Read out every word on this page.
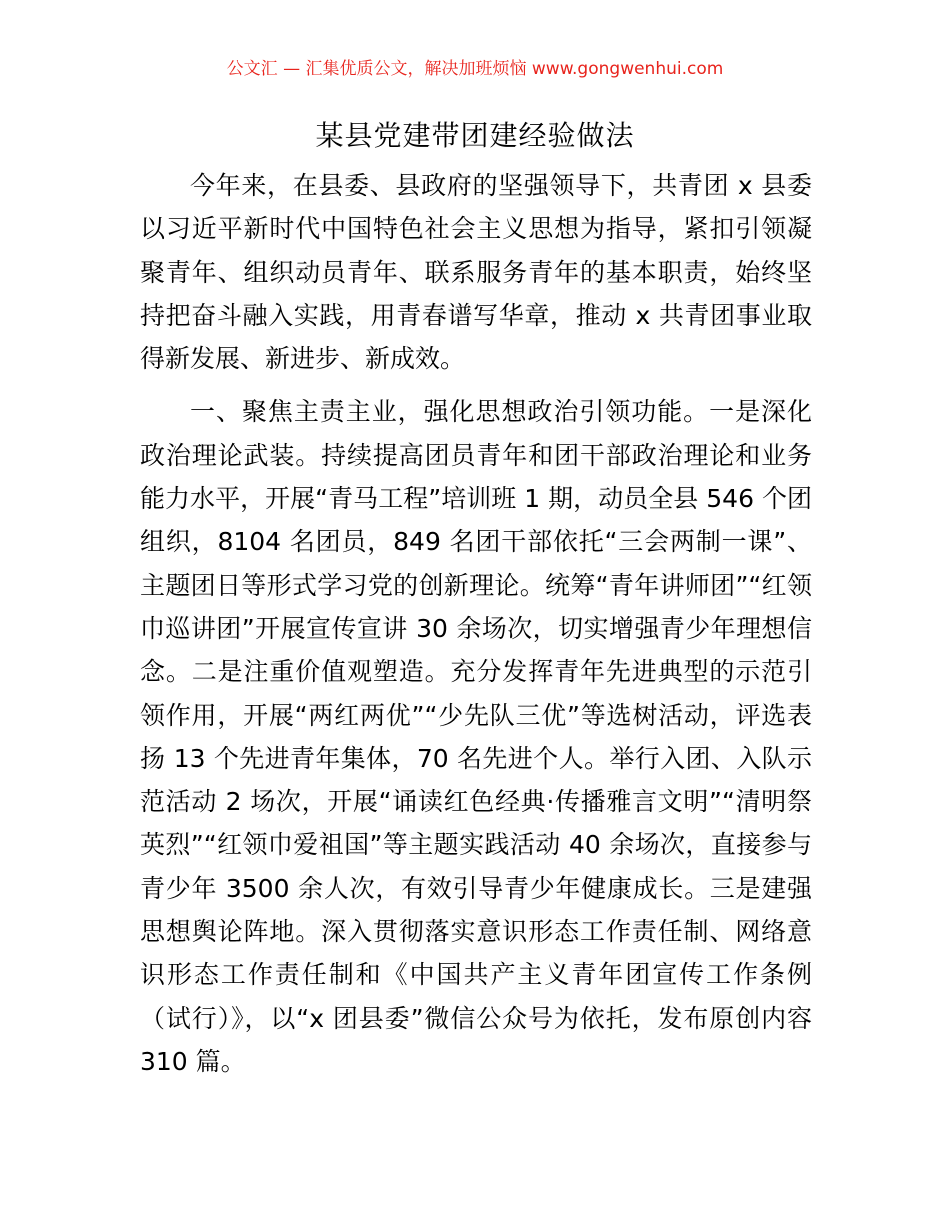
公文汇 — 汇集优质公文，解决加班烦恼 www.gongwenhui.com
某县党建带团建经验做法

今年来，在县委、县政府的坚强领导下，共青团 x 县委以习近平新时代中国特色社会主义思想为指导，紧扣引领凝聚青年、组织动员青年、联系服务青年的基本职责，始终坚持把奋斗融入实践，用青春谱写华章，推动 x 共青团事业取得新发展、新进步、新成效。

一、聚焦主责主业，强化思想政治引领功能。一是深化政治理论武装。持续提高团员青年和团干部政治理论和业务能力水平，开展“青马工程”培训班 1 期，动员全县 546 个团组织，8104 名团员，849 名团干部依托“三会两制一课”、主题团日等形式学习党的创新理论。统筹“青年讲师团”“红领巾巡讲团”开展宣传宣讲 30 余场次，切实增强青少年理想信念。二是注重价值观塑造。充分发挥青年先进典型的示范引领作用，开展“两红两优”“少先队三优”等选树活动，评选表扬 13 个先进青年集体，70 名先进个人。举行入团、入队示范活动 2 场次，开展“诵读红色经典·传播雅言文明”“清明祭英烈”“红领巾爱祖国”等主题实践活动 40 余场次，直接参与青少年 3500 余人次，有效引导青少年健康成长。三是建强思想舆论阵地。深入贯彻落实意识形态工作责任制、网络意识形态工作责任制和《中国共产主义青年团宣传工作条例（试行）》，以“x 团县委”微信公众号为依托，发布原创内容 310 篇。
